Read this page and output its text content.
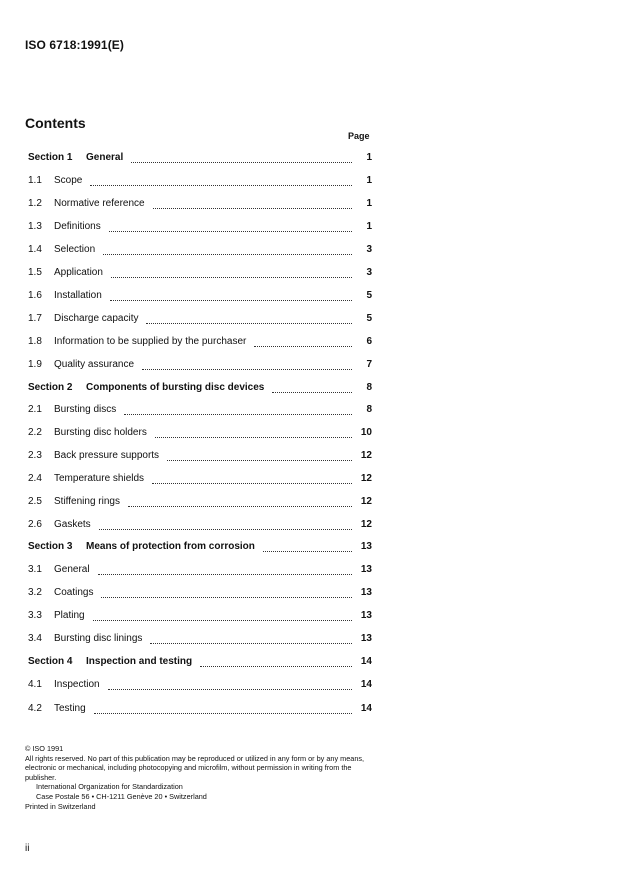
ISO 6718:1991(E)
Contents
Page
Section 1	General	1
1.1	Scope	1
1.2	Normative reference	1
1.3	Definitions	1
1.4	Selection	3
1.5	Application	3
1.6	Installation	5
1.7	Discharge capacity	5
1.8	Information to be supplied by the purchaser	6
1.9	Quality assurance	7
Section 2	Components of bursting disc devices	8
2.1	Bursting discs	8
2.2	Bursting disc holders	10
2.3	Back pressure supports	12
2.4	Temperature shields	12
2.5	Stiffening rings	12
2.6	Gaskets	12
Section 3	Means of protection from corrosion	13
3.1	General	13
3.2	Coatings	13
3.3	Plating	13
3.4	Bursting disc linings	13
Section 4	Inspection and testing	14
4.1	Inspection	14
4.2	Testing	14

© ISO 1991

All rights reserved. No part of this publication may be reproduced or utilized in any form or by any means, electronic or mechanical, including photocopying and microfilm, without permission in writing from the publisher.

International Organization for Standardization

Case Postale 56 • CH-1211 Genève 20 • Switzerland

Printed in Switzerland

ii
